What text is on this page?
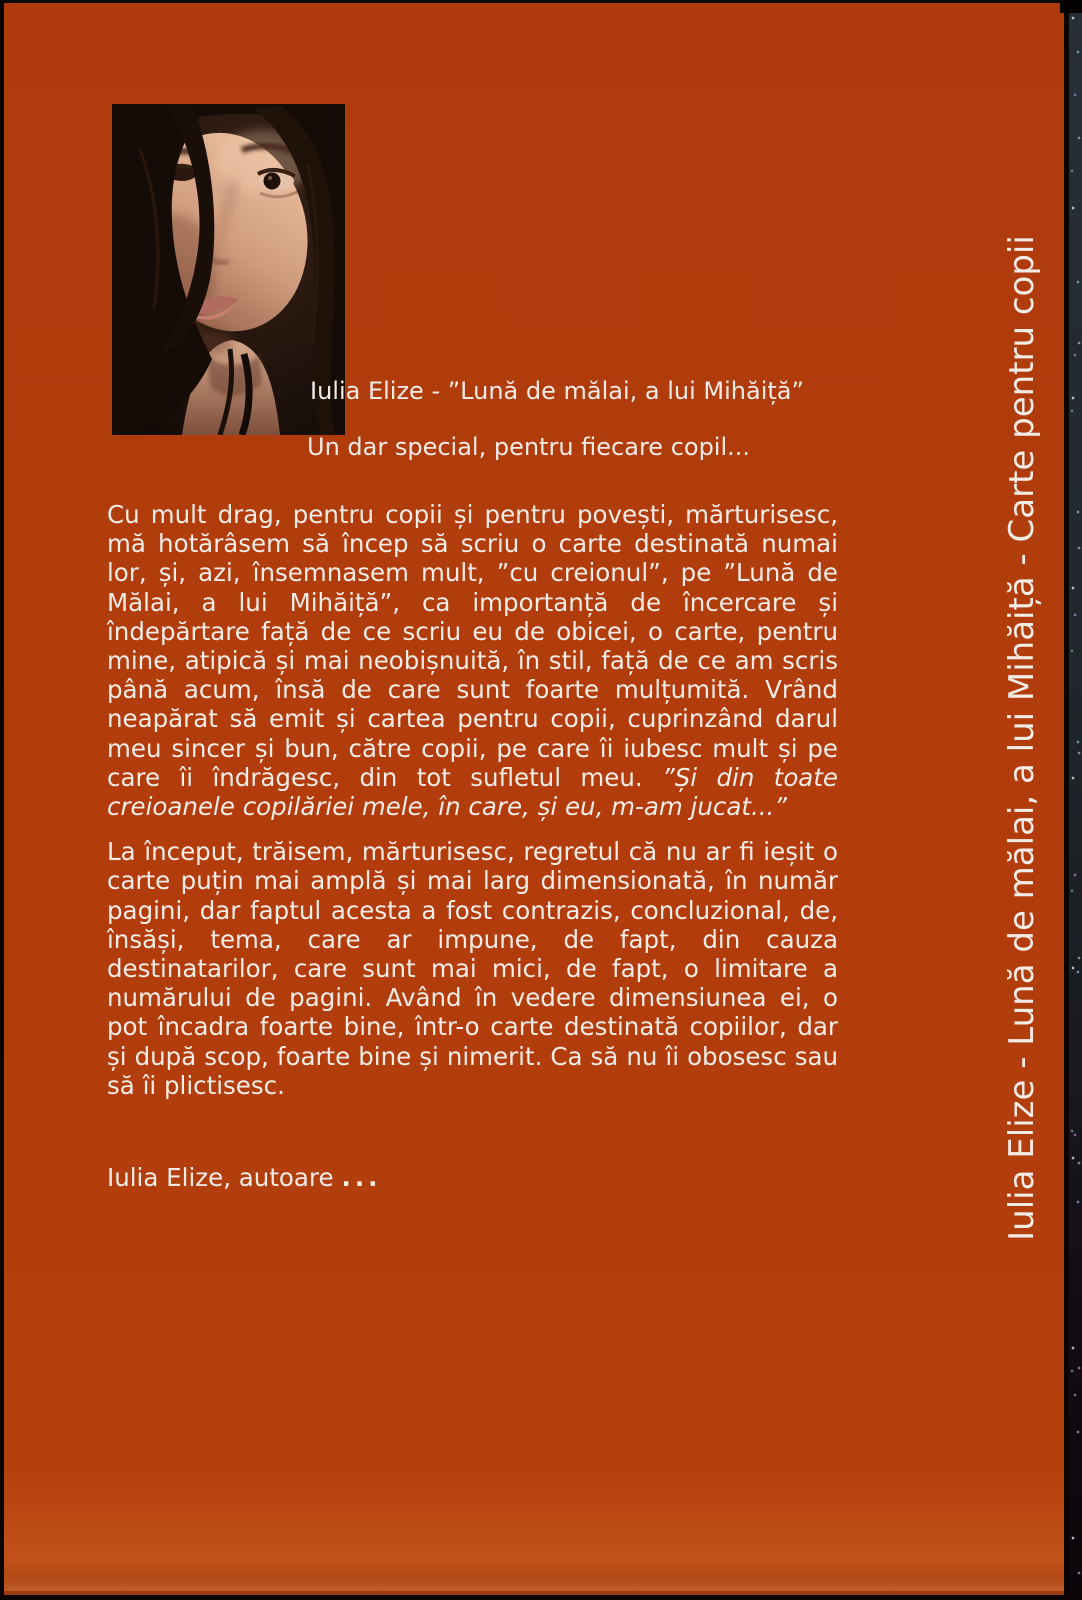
Iulia Elize - ”Lună de mălai, a lui Mihăiță”
Un dar special, pentru fiecare copil...

Cu mult drag, pentru copii și pentru povești, mărturisesc, mă hotărâsem să încep să scriu o carte destinată numai lor, și, azi, însemnasem mult, ”cu creionul”, pe ”Lună de Mălai, a lui Mihăiță”, ca importanță de încercare și îndepărtare față de ce scriu eu de obicei, o carte, pentru mine, atipică și mai neobișnuită, în stil, față de ce am scris până acum, însă de care sunt foarte mulțumită. Vrând neapărat să emit și cartea pentru copii, cuprinzând darul meu sincer și bun, către copii, pe care îi iubesc mult și pe care îi îndrăgesc, din tot sufletul meu. ”Și din toate creioanele copilăriei mele, în care, și eu, m-am jucat...”

La început, trăisem, mărturisesc, regretul că nu ar fi ieșit o carte puțin mai amplă și mai larg dimensionată, în număr pagini, dar faptul acesta a fost contrazis, concluzional, de, însăși, tema, care ar impune, de fapt, din cauza destinatarilor, care sunt mai mici, de fapt, o limitare a numărului de pagini. Având în vedere dimensiunea ei, o pot încadra foarte bine, într-o carte destinată copiilor, dar și după scop, foarte bine și nimerit. Ca să nu îi obosesc sau să îi plictisesc.

Iulia Elize, autoare ...	Iulia Elize - Lună de mălai, a lui Mihăiță - Carte pentru copii
